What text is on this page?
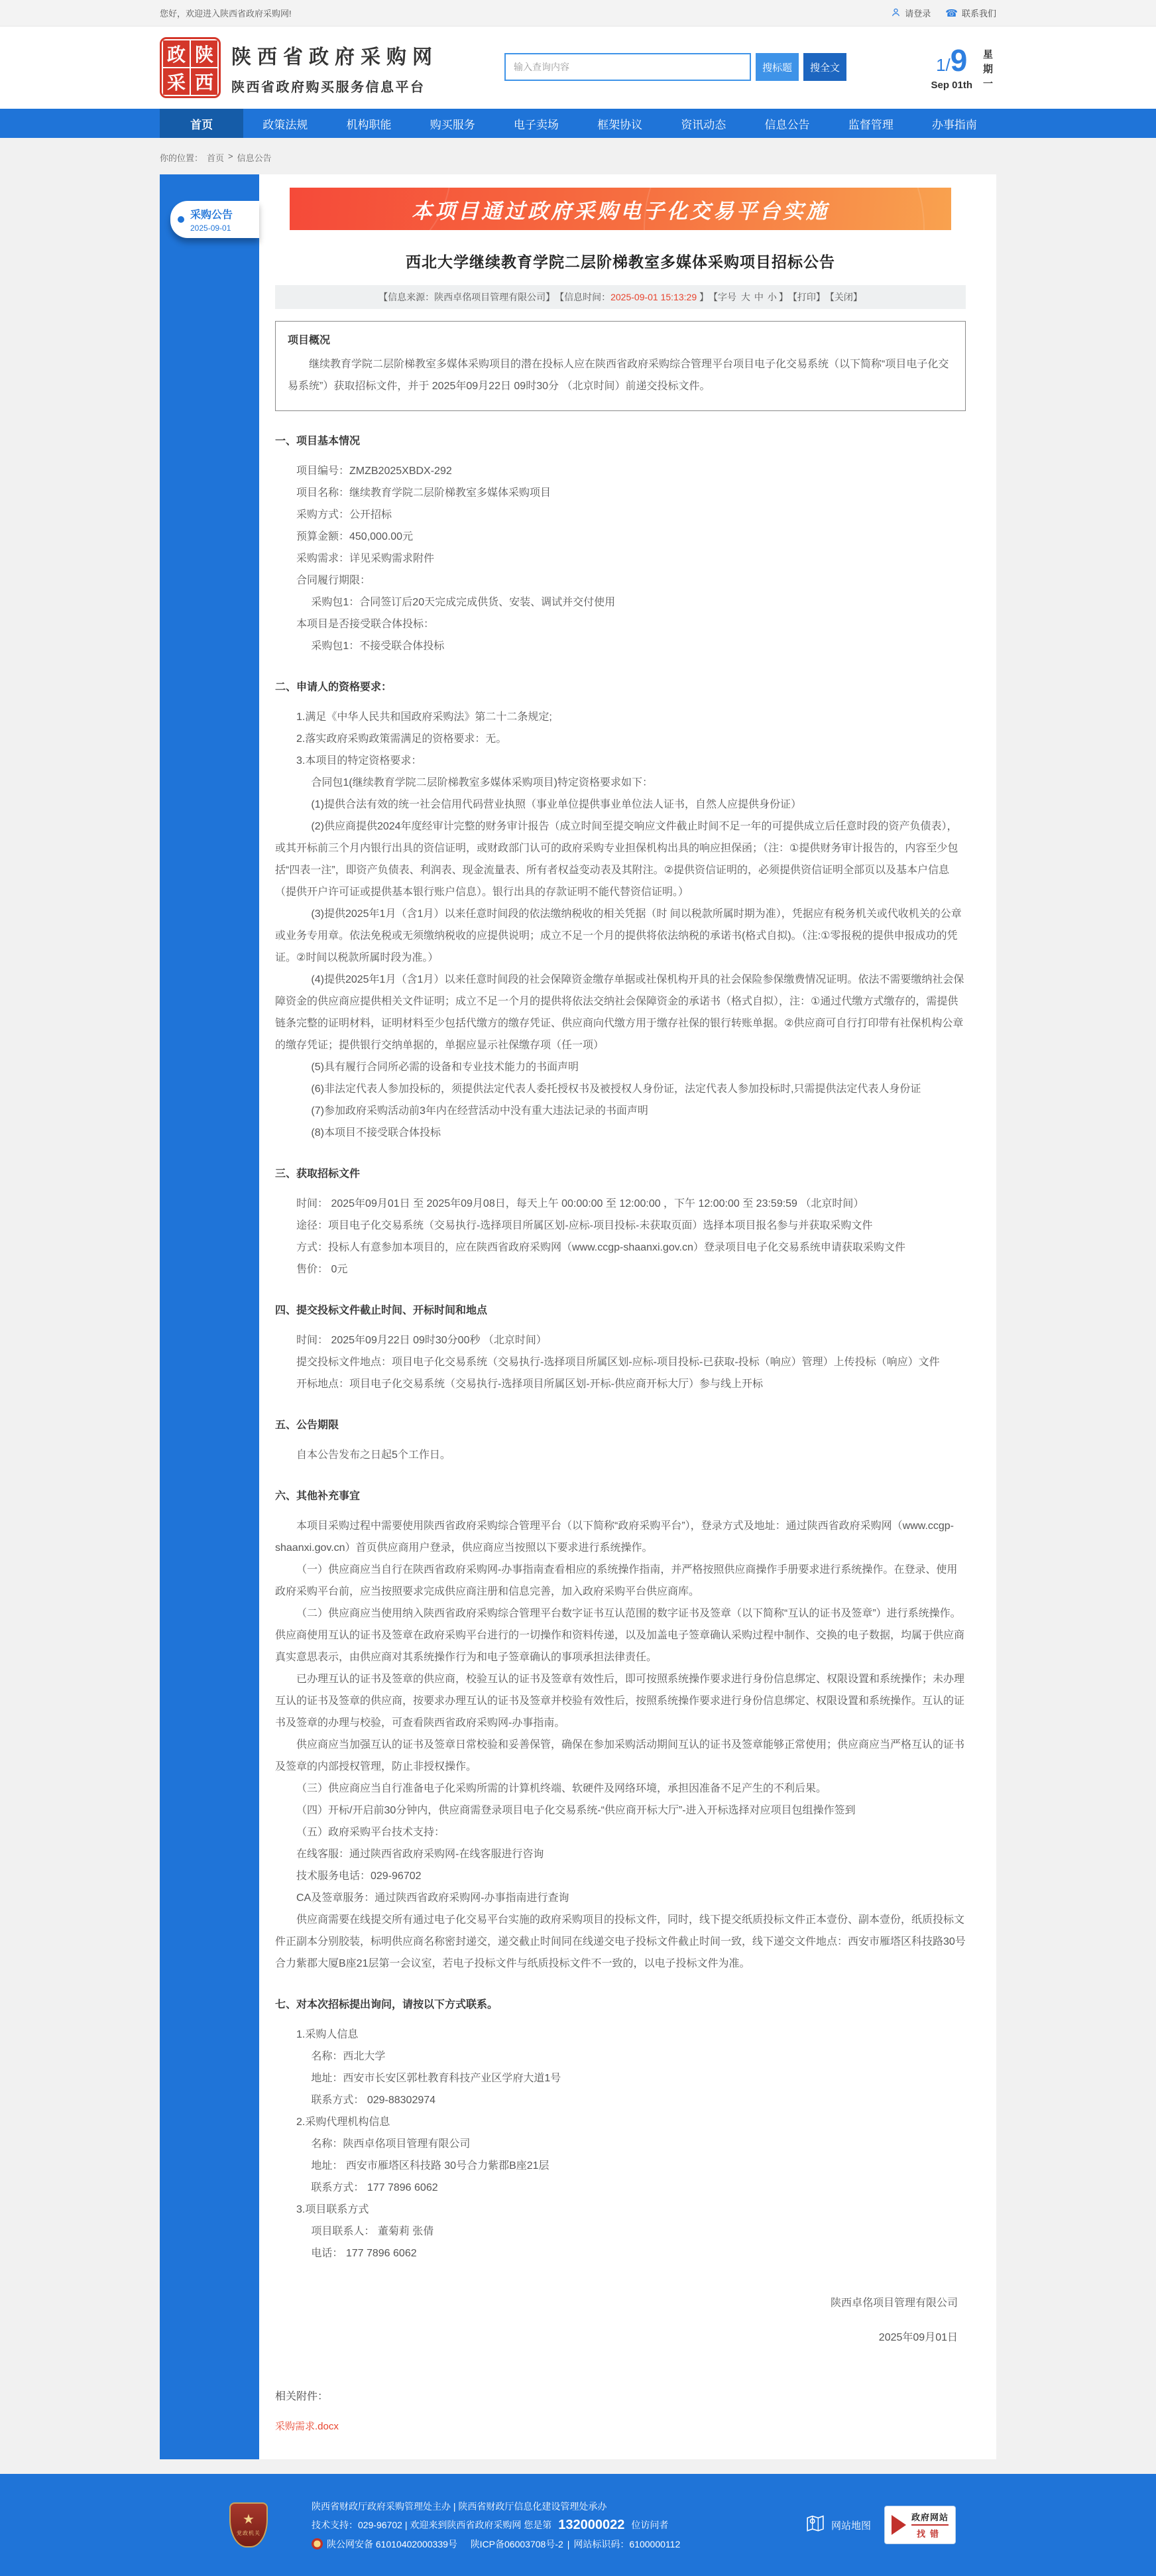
您好，欢迎进入陕西省政府采购网!	请登录 ☎ 联系我们
政 陕
采 西
陕西省政府采购网
陕西省政府购买服务信息平台
输入查询内容
搜标题	搜全文	1/9
Sep 01th
星期一
首页	政策法规	机构职能	购买服务	电子卖场	框架协议	资讯动态	信息公告	监督管理	办事指南
你的位置： 首页 > 信息公告
采购公告
2025-09-01
本项目通过政府采购电子化交易平台实施
西北大学继续教育学院二层阶梯教室多媒体采购项目招标公告
【信息来源：陕西卓佲项目管理有限公司】 【信息时间：2025-09-01 15:13:29 】 【字号 大 中 小 】 【打印】 【关闭】
项目概况

继续教育学院二层阶梯教室多媒体采购项目的潜在投标人应在陕西省政府采购综合管理平台项目电子化交易系统（以下简称“项目电子化交易系统”）获取招标文件，并于 2025年09月22日 09时30分 （北京时间）前递交投标文件。

一、项目基本情况

项目编号：ZMZB2025XBDX-292

项目名称：继续教育学院二层阶梯教室多媒体采购项目

采购方式：公开招标

预算金额：450,000.00元

采购需求：详见采购需求附件

合同履行期限：

采购包1：合同签订后20天完成完成供货、安装、调试并交付使用

本项目是否接受联合体投标：

采购包1：不接受联合体投标

二、申请人的资格要求：

1.满足《中华人民共和国政府采购法》第二十二条规定;

2.落实政府采购政策需满足的资格要求：无。

3.本项目的特定资格要求：

合同包1(继续教育学院二层阶梯教室多媒体采购项目)特定资格要求如下：

(1)提供合法有效的统一社会信用代码营业执照（事业单位提供事业单位法人证书，自然人应提供身份证）

(2)供应商提供2024年度经审计完整的财务审计报告（成立时间至提交响应文件截止时间不足一年的可提供成立后任意时段的资产负债表），或其开标前三个月内银行出具的资信证明，或财政部门认可的政府采购专业担保机构出具的响应担保函；（注：①提供财务审计报告的，内容至少包括“四表一注”，即资产负债表、利润表、现金流量表、所有者权益变动表及其附注。②提供资信证明的，必须提供资信证明全部页以及基本户信息（提供开户许可证或提供基本银行账户信息）。银行出具的存款证明不能代替资信证明。）

(3)提供2025年1月（含1月）以来任意时间段的依法缴纳税收的相关凭据（时 间以税款所属时期为准），凭据应有税务机关或代收机关的公章或业务专用章。依法免税或无须缴纳税收的应提供说明；成立不足一个月的提供将依法纳税的承诺书(格式自拟)。（注:①零报税的提供申报成功的凭证。②时间以税款所属时段为准。）

(4)提供2025年1月（含1月）以来任意时间段的社会保障资金缴存单据或社保机构开具的社会保险参保缴费情况证明。依法不需要缴纳社会保障资金的供应商应提供相关文件证明；成立不足一个月的提供将依法交纳社会保障资金的承诺书（格式自拟），注：①通过代缴方式缴存的，需提供链条完整的证明材料，证明材料至少包括代缴方的缴存凭证、供应商向代缴方用于缴存社保的银行转账单据。②供应商可自行打印带有社保机构公章的缴存凭证；提供银行交纳单据的，单据应显示社保缴存项（任一项）

(5)具有履行合同所必需的设备和专业技术能力的书面声明

(6)非法定代表人参加投标的，须提供法定代表人委托授权书及被授权人身份证，法定代表人参加投标时,只需提供法定代表人身份证

(7)参加政府采购活动前3年内在经营活动中没有重大违法记录的书面声明

(8)本项目不接受联合体投标

三、获取招标文件

时间： 2025年09月01日 至 2025年09月08日，每天上午 00:00:00 至 12:00:00 ，下午 12:00:00 至 23:59:59 （北京时间）

途径：项目电子化交易系统（交易执行-选择项目所属区划-应标-项目投标-未获取页面）选择本项目报名参与并获取采购文件

方式：投标人有意参加本项目的，应在陕西省政府采购网（www.ccgp-shaanxi.gov.cn）登录项目电子化交易系统申请获取采购文件

售价： 0元

四、提交投标文件截止时间、开标时间和地点

时间： 2025年09月22日 09时30分00秒 （北京时间）

提交投标文件地点：项目电子化交易系统（交易执行-选择项目所属区划-应标-项目投标-已获取-投标（响应）管理）上传投标（响应）文件

开标地点：项目电子化交易系统（交易执行-选择项目所属区划-开标-供应商开标大厅）参与线上开标

五、公告期限

自本公告发布之日起5个工作日。

六、其他补充事宜

本项目采购过程中需要使用陕西省政府采购综合管理平台（以下简称“政府采购平台”），登录方式及地址：通过陕西省政府采购网（www.ccgp-shaanxi.gov.cn）首页供应商用户登录，供应商应当按照以下要求进行系统操作。

（一）供应商应当自行在陕西省政府采购网-办事指南查看相应的系统操作指南，并严格按照供应商操作手册要求进行系统操作。在登录、使用政府采购平台前，应当按照要求完成供应商注册和信息完善，加入政府采购平台供应商库。

（二）供应商应当使用纳入陕西省政府采购综合管理平台数字证书互认范围的数字证书及签章（以下简称“互认的证书及签章”）进行系统操作。供应商使用互认的证书及签章在政府采购平台进行的一切操作和资料传递，以及加盖电子签章确认采购过程中制作、交换的电子数据，均属于供应商真实意思表示，由供应商对其系统操作行为和电子签章确认的事项承担法律责任。

已办理互认的证书及签章的供应商，校验互认的证书及签章有效性后，即可按照系统操作要求进行身份信息绑定、权限设置和系统操作；未办理互认的证书及签章的供应商，按要求办理互认的证书及签章并校验有效性后，按照系统操作要求进行身份信息绑定、权限设置和系统操作。互认的证书及签章的办理与校验，可查看陕西省政府采购网-办事指南。

供应商应当加强互认的证书及签章日常校验和妥善保管，确保在参加采购活动期间互认的证书及签章能够正常使用；供应商应当严格互认的证书及签章的内部授权管理，防止非授权操作。

（三）供应商应当自行准备电子化采购所需的计算机终端、软硬件及网络环境，承担因准备不足产生的不利后果。

（四）开标/开启前30分钟内，供应商需登录项目电子化交易系统-“供应商开标大厅”-进入开标选择对应项目包组操作签到

（五）政府采购平台技术支持：

在线客服：通过陕西省政府采购网-在线客服进行咨询

技术服务电话：029-96702

CA及签章服务：通过陕西省政府采购网-办事指南进行查询

供应商需要在线提交所有通过电子化交易平台实施的政府采购项目的投标文件，同时，线下提交纸质投标文件正本壹份、副本壹份，纸质投标文件正副本分别胶装，标明供应商名称密封递交，递交截止时间同在线递交电子投标文件截止时间一致，线下递交文件地点：西安市雁塔区科技路30号合力紫郡大厦B座21层第一会议室，若电子投标文件与纸质投标文件不一致的，以电子投标文件为准。

七、对本次招标提出询问，请按以下方式联系。

1.采购人信息

名称：西北大学

地址：西安市长安区郭杜教育科技产业区学府大道1号

联系方式： 029-88302974

2.采购代理机构信息

名称：陕西卓佲项目管理有限公司

地址： 西安市雁塔区科技路 30号合力紫郡B座21层

联系方式： 177 7896 6062

3.项目联系方式

项目联系人： 董菊莉 张倩

电话： 177 7896 6062

陕西卓佲项目管理有限公司
2025年09月01日
相关附件：
采购需求.docx
★
党政机关
陕西省财政厅政府采购管理处主办 | 陕西省财政厅信息化建设管理处承办
技术支持：029-96702 | 欢迎来到陕西省政府采购网 您是第 132000022 位访问者
陕公网安备 61010402000339号
陕ICP备06003708号-2 | 网站标识码：6100000112
网站地图
政府网站
找错
